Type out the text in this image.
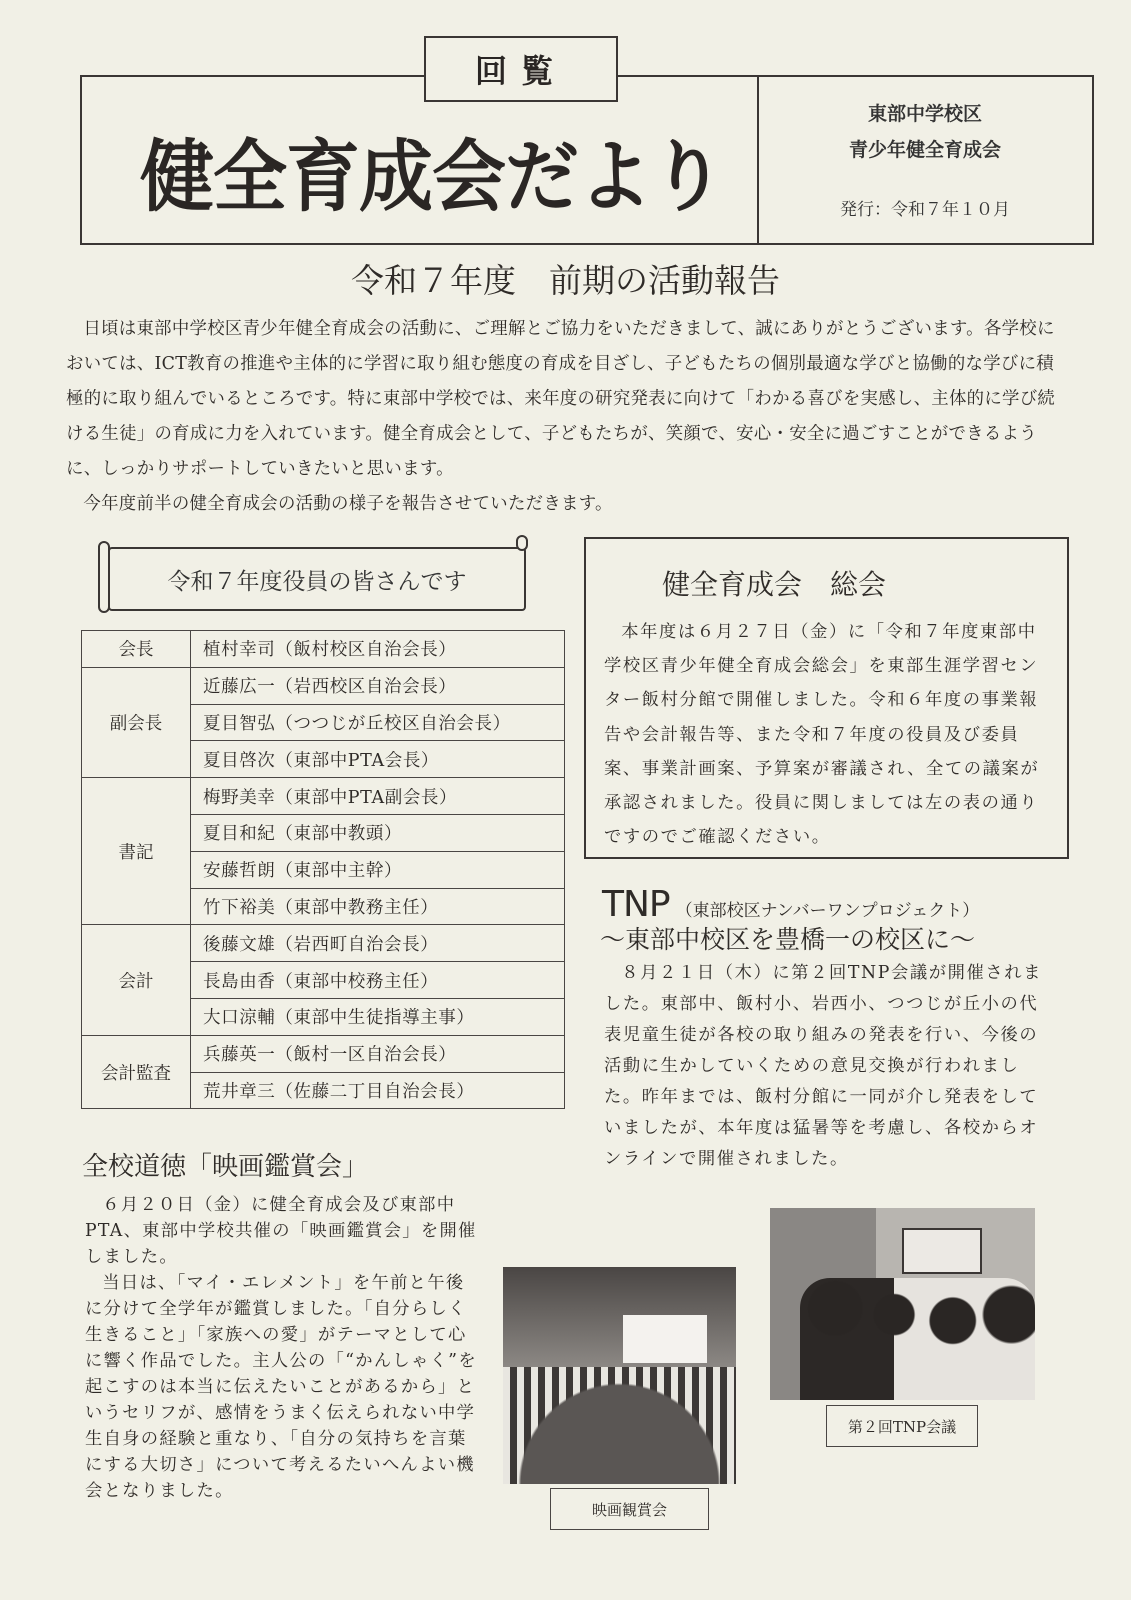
回覧
健全育成会だより
東部中学校区
青少年健全育成会
発行：令和７年１０月
令和７年度　前期の活動報告

日頃は東部中学校区青少年健全育成会の活動に、ご理解とご協力をいただきまして、誠にありがとうございます。各学校においては、ICT教育の推進や主体的に学習に取り組む態度の育成を目ざし、子どもたちの個別最適な学びと協働的な学びに積極的に取り組んでいるところです。特に東部中学校では、来年度の研究発表に向けて「わかる喜びを実感し、主体的に学び続ける生徒」の育成に力を入れています。健全育成会として、子どもたちが、笑顔で、安心・安全に過ごすことができるように、しっかりサポートしていきたいと思います。

今年度前半の健全育成会の活動の様子を報告させていただきます。

令和７年度役員の皆さんです
会長	植村幸司（飯村校区自治会長）
副会長	近藤広一（岩西校区自治会長）
	夏目智弘（つつじが丘校区自治会長）
	夏目啓次（東部中PTA会長）
書記	梅野美幸（東部中PTA副会長）
	夏目和紀（東部中教頭）
	安藤哲朗（東部中主幹）
	竹下裕美（東部中教務主任）
会計	後藤文雄（岩西町自治会長）
	長島由香（東部中校務主任）
	大口涼輔（東部中生徒指導主事）
会計監査	兵藤英一（飯村一区自治会長）
	荒井章三（佐藤二丁目自治会長）
健全育成会　総会

本年度は６月２７日（金）に「令和７年度東部中学校区青少年健全育成会総会」を東部生涯学習センター飯村分館で開催しました。令和６年度の事業報告や会計報告等、また令和７年度の役員及び委員案、事業計画案、予算案が審議され、全ての議案が承認されました。役員に関しましては左の表の通りですのでご確認ください。

TNP （東部校区ナンバーワンプロジェクト）
～東部中校区を豊橋一の校区に～

８月２１日（木）に第２回TNP会議が開催されました。東部中、飯村小、岩西小、つつじが丘小の代表児童生徒が各校の取り組みの発表を行い、今後の活動に生かしていくための意見交換が行われました。昨年までは、飯村分館に一同が介し発表をしていましたが、本年度は猛暑等を考慮し、各校からオンラインで開催されました。

全校道徳「映画鑑賞会」

６月２０日（金）に健全育成会及び東部中PTA、東部中学校共催の「映画鑑賞会」を開催しました。

当日は、「マイ・エレメント」を午前と午後に分けて全学年が鑑賞しました。「自分らしく生きること」「家族への愛」がテーマとして心に響く作品でした。主人公の「“かんしゃく”を起こすのは本当に伝えたいことがあるから」というセリフが、感情をうまく伝えられない中学生自身の経験と重なり、「自分の気持ちを言葉にする大切さ」について考えるたいへんよい機会となりました。

映画観賞会
第２回TNP会議
